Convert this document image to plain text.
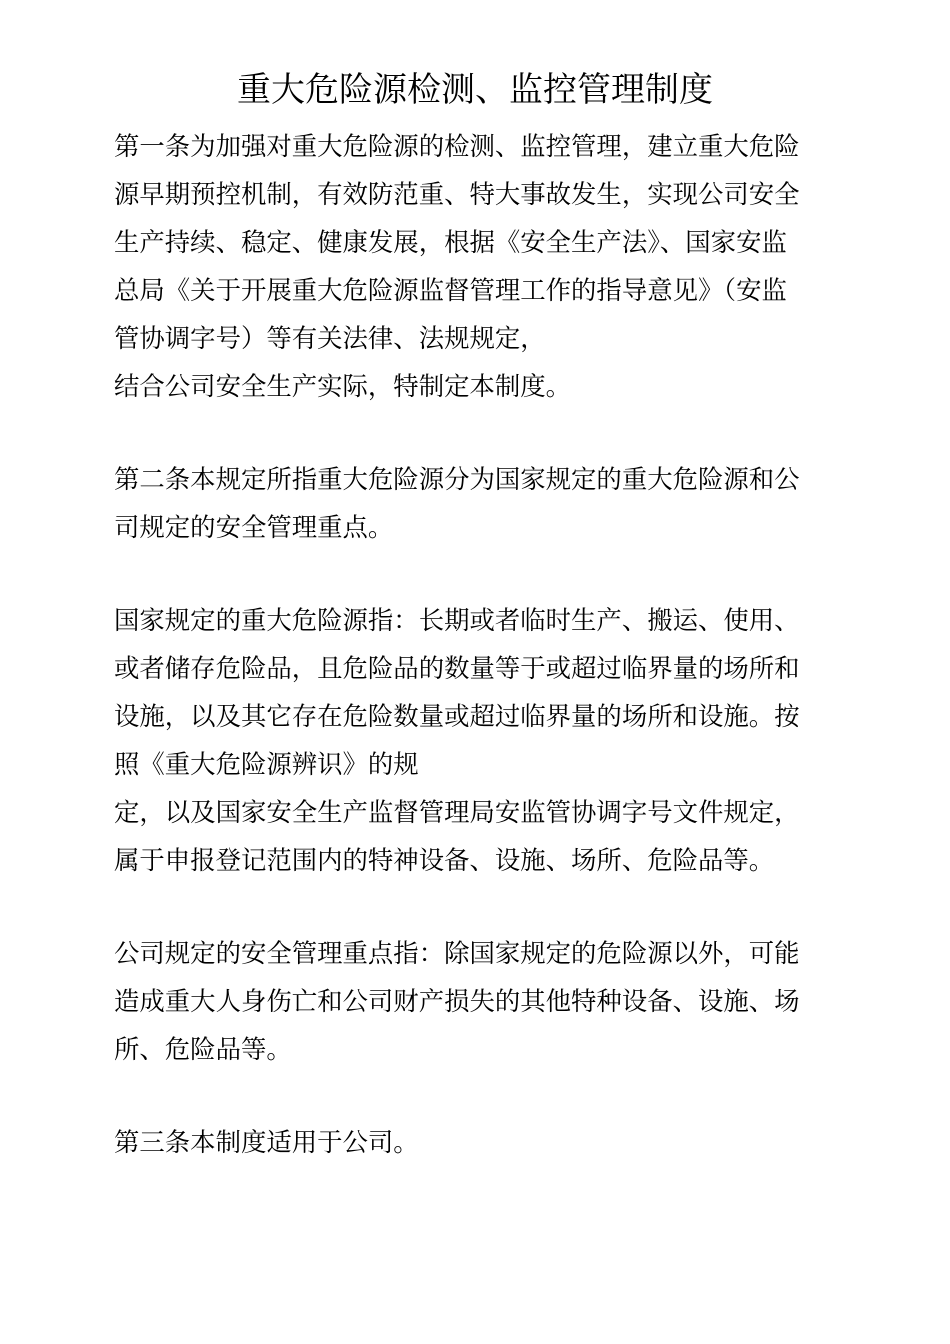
重大危险源检测、监控管理制度

第一条为加强对重大危险源的检测、监控管理，建立重大危险

源早期预控机制，有效防范重、特大事故发生，实现公司安全

生产持续、稳定、健康发展，根据《安全生产法》、国家安监

总局《关于开展重大危险源监督管理工作的指导意见》（安监

管协调字号）等有关法律、法规规定，

结合公司安全生产实际，特制定本制度。

第二条本规定所指重大危险源分为国家规定的重大危险源和公

司规定的安全管理重点。

国家规定的重大危险源指：长期或者临时生产、搬运、使用、

或者储存危险品，且危险品的数量等于或超过临界量的场所和

设施，以及其它存在危险数量或超过临界量的场所和设施。按

照《重大危险源辨识》的规

定，以及国家安全生产监督管理局安监管协调字号文件规定，

属于申报登记范围内的特神设备、设施、场所、危险品等。

公司规定的安全管理重点指：除国家规定的危险源以外，可能

造成重大人身伤亡和公司财产损失的其他特种设备、设施、场

所、危险品等。

第三条本制度适用于公司。
